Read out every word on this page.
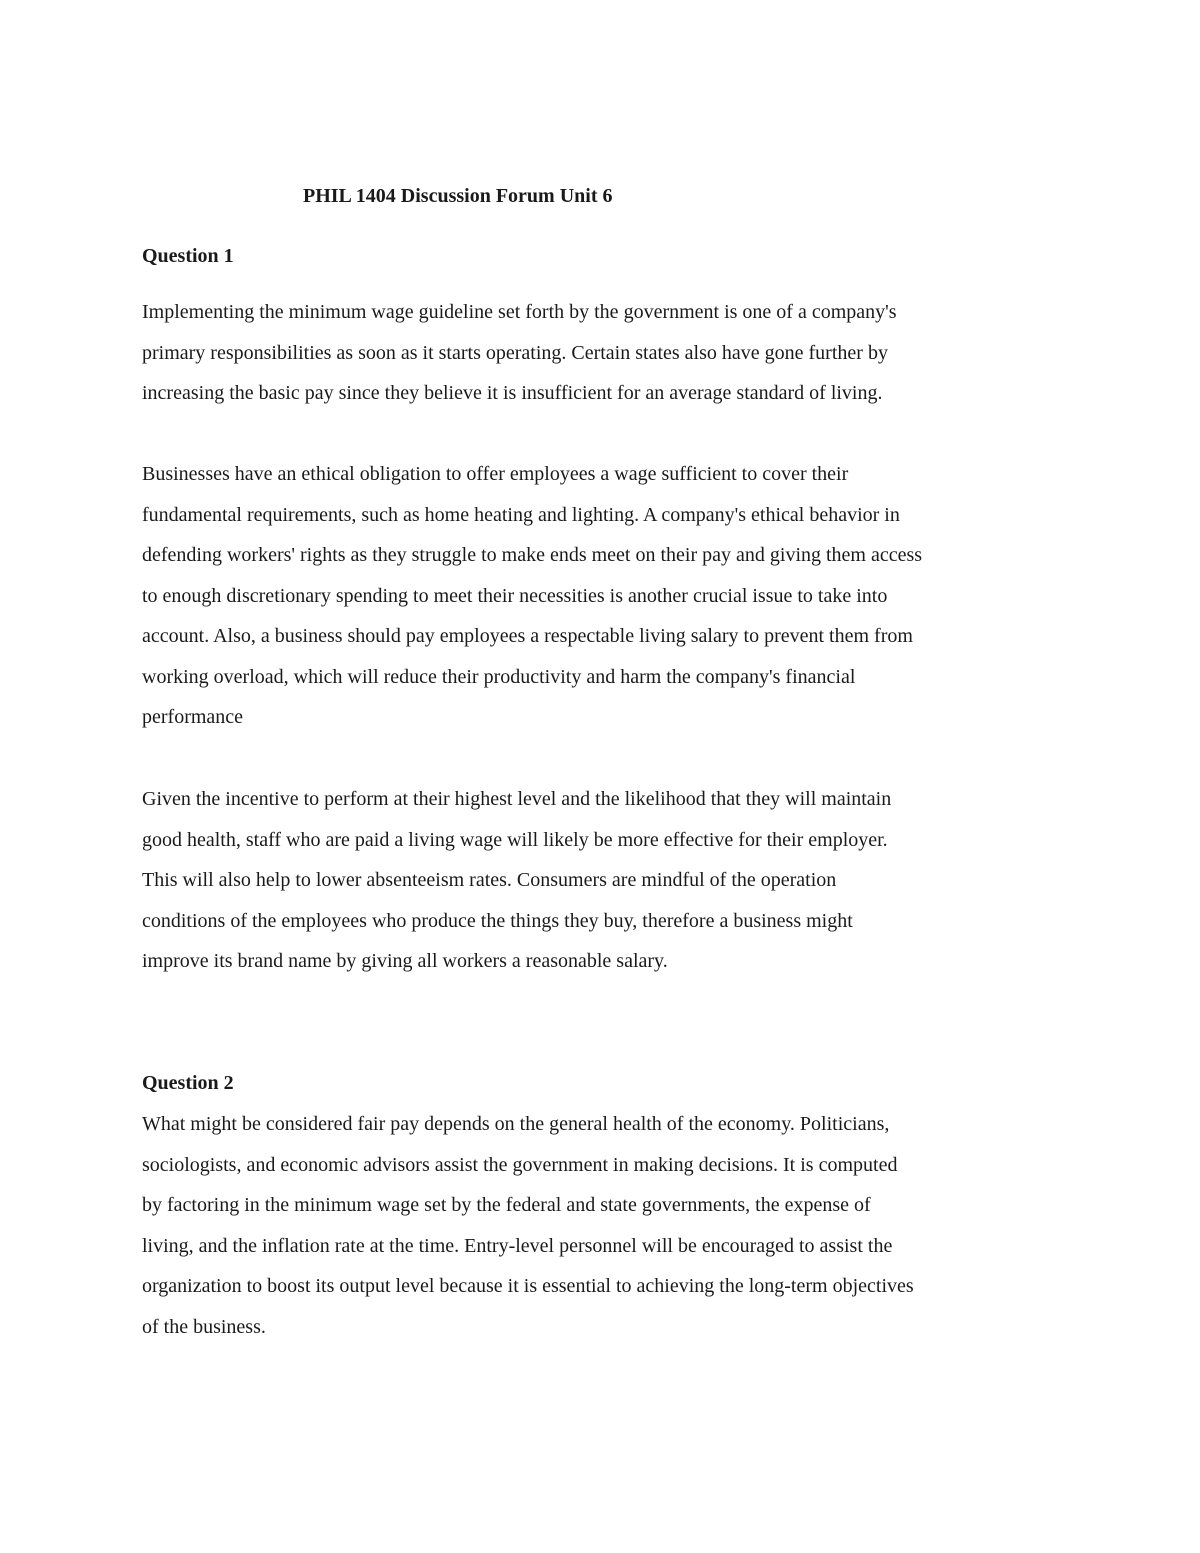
PHIL 1404 Discussion Forum Unit 6
Question 1

Implementing the minimum wage guideline set forth by the government is one of a company's
primary responsibilities as soon as it starts operating. Certain states also have gone further by
increasing the basic pay since they believe it is insufficient for an average standard of living.

Businesses have an ethical obligation to offer employees a wage sufficient to cover their
fundamental requirements, such as home heating and lighting. A company's ethical behavior in
defending workers' rights as they struggle to make ends meet on their pay and giving them access
to enough discretionary spending to meet their necessities is another crucial issue to take into
account. Also, a business should pay employees a respectable living salary to prevent them from
working overload, which will reduce their productivity and harm the company's financial
performance

Given the incentive to perform at their highest level and the likelihood that they will maintain
good health, staff who are paid a living wage will likely be more effective for their employer.
This will also help to lower absenteeism rates. Consumers are mindful of the operation
conditions of the employees who produce the things they buy, therefore a business might
improve its brand name by giving all workers a reasonable salary.

Question 2

What might be considered fair pay depends on the general health of the economy. Politicians,
sociologists, and economic advisors assist the government in making decisions. It is computed
by factoring in the minimum wage set by the federal and state governments, the expense of
living, and the inflation rate at the time. Entry-level personnel will be encouraged to assist the
organization to boost its output level because it is essential to achieving the long-term objectives
of the business.
